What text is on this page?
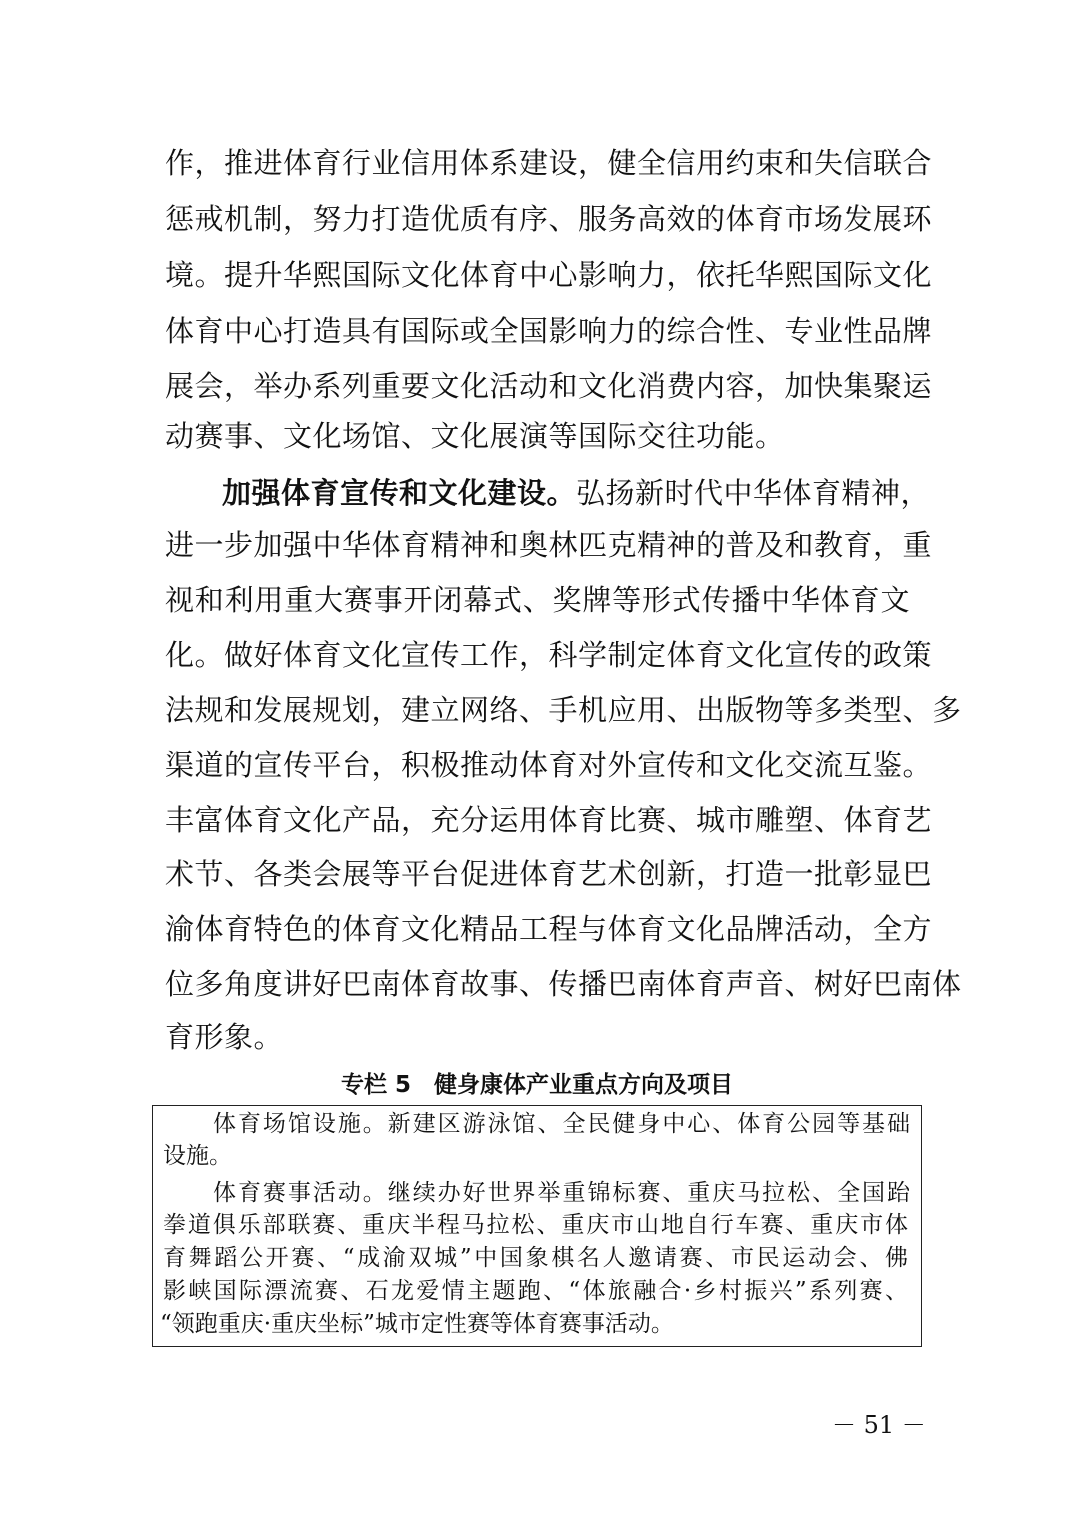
作，推进体育行业信用体系建设，健全信用约束和失信联合
惩戒机制，努力打造优质有序、服务高效的体育市场发展环
境。提升华熙国际文化体育中心影响力，依托华熙国际文化
体育中心打造具有国际或全国影响力的综合性、专业性品牌
展会，举办系列重要文化活动和文化消费内容，加快集聚运
动赛事、文化场馆、文化展演等国际交往功能。
加强体育宣传和文化建设。弘扬新时代中华体育精神，
进一步加强中华体育精神和奥林匹克精神的普及和教育，重
视和利用重大赛事开闭幕式、奖牌等形式传播中华体育文
化。做好体育文化宣传工作，科学制定体育文化宣传的政策
法规和发展规划，建立网络、手机应用、出版物等多类型、多
渠道的宣传平台，积极推动体育对外宣传和文化交流互鉴。
丰富体育文化产品，充分运用体育比赛、城市雕塑、体育艺
术节、各类会展等平台促进体育艺术创新，打造一批彰显巴
渝体育特色的体育文化精品工程与体育文化品牌活动，全方
位多角度讲好巴南体育故事、传播巴南体育声音、树好巴南体
育形象。
专栏 5　健身康体产业重点方向及项目
体育场馆设施。新建区游泳馆、全民健身中心、体育公园等基础
设施。
体育赛事活动。继续办好世界举重锦标赛、重庆马拉松、全国跆
拳道俱乐部联赛、重庆半程马拉松、重庆市山地自行车赛、重庆市体
育舞蹈公开赛、“成渝双城”中国象棋名人邀请赛、市民运动会、佛
影峡国际漂流赛、石龙爱情主题跑、“体旅融合·乡村振兴”系列赛、
“领跑重庆·重庆坐标”城市定性赛等体育赛事活动。
－ 51 －
